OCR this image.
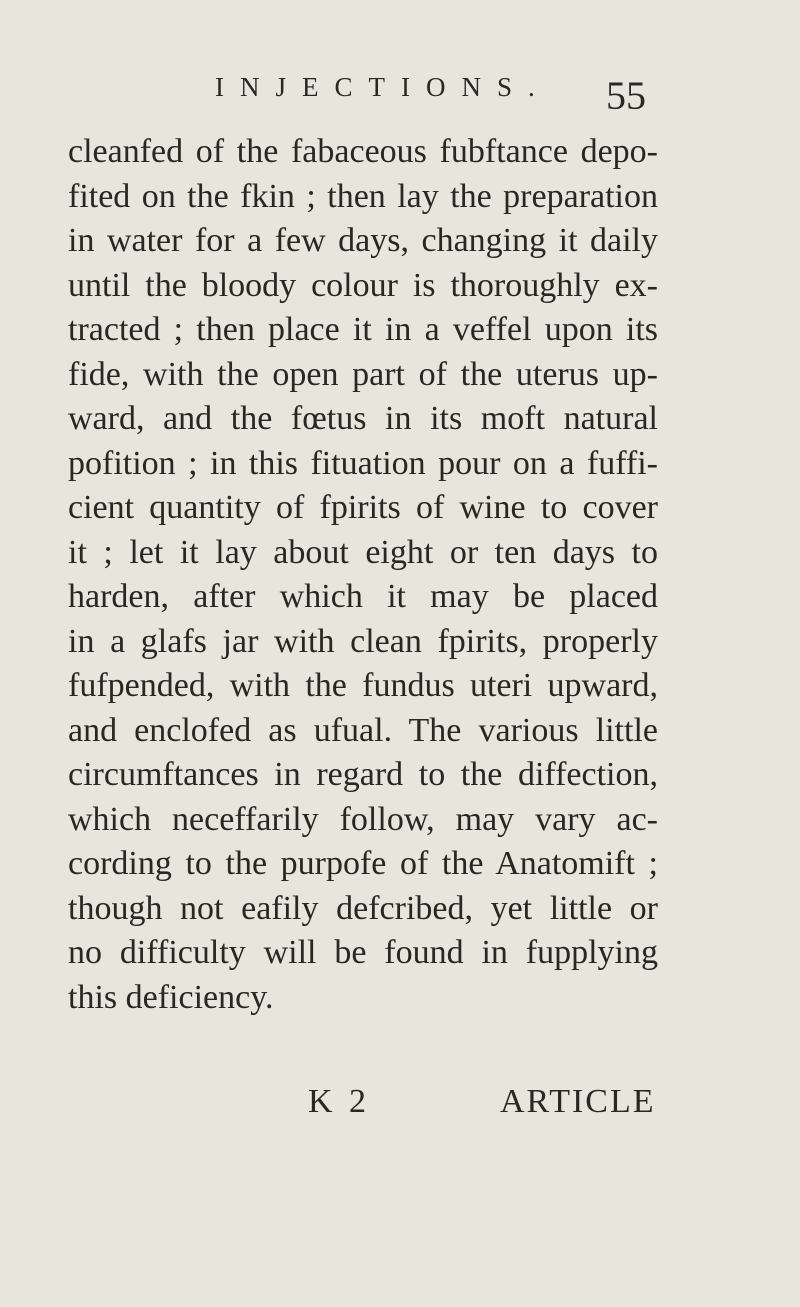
INJECTIONS. 55
cleanfed of the fabaceous fubftance depo-
fited on the fkin ; then lay the preparation
in water for a few days, changing it daily
until the bloody colour is thoroughly ex-
tracted ; then place it in a veffel upon its
fide, with the open part of the uterus up-
ward, and the fœtus in its moft natural
pofition ; in this fituation pour on a fuffi-
cient quantity of fpirits of wine to cover
it ; let it lay about eight or ten days to
harden, after which it may be placed
in a glafs jar with clean fpirits, properly
fufpended, with the fundus uteri upward,
and enclofed as ufual. The various little
circumftances in regard to the diffection,
which neceffarily follow, may vary ac-
cording to the purpofe of the Anatomift ;
though not eafily defcribed, yet little or
no difficulty will be found in fupplying
this deficiency.
K 2	ARTICLE
